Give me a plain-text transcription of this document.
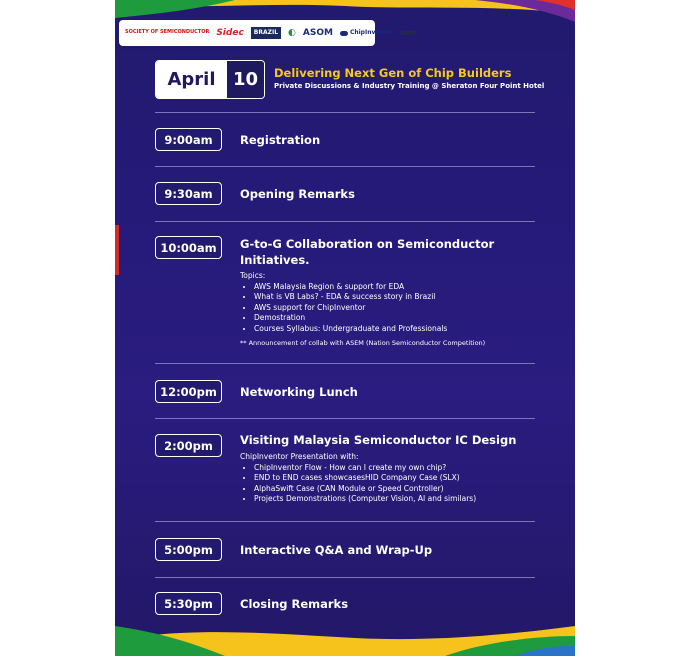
SOCIETY OF SEMICONDUCTOR Sidec	BRAZIL	◐ ASOM	ChipInventor aws
April 10	Delivering Next Gen of Chip Builders
Private Discussions & Industry Training @ Sheraton Four Point Hotel
9:00am	Registration
9:30am	Opening Remarks
10:00am	G-to-G Collaboration on Semiconductor
Initiatives.
Topics:
• AWS Malaysia Region & support for EDA
• What is VB Labs? - EDA & success story in Brazil
• AWS support for ChipInventor
• Demostration
• Courses Syllabus: Undergraduate and Professionals
** Announcement of collab with ASEM (Nation Semiconductor Competition)
12:00pm	Networking Lunch
2:00pm	Visiting Malaysia Semiconductor IC Design
ChipInventor Presentation with:
• ChipInventor Flow - How can I create my own chip?
• END to END cases showcasesHID Company Case (SLX)
• AlphaSwift Case (CAN Module or Speed Controller)
• Projects Demonstrations (Computer Vision, AI and similars)
5:00pm	Interactive Q&A and Wrap-Up
5:30pm	Closing Remarks
